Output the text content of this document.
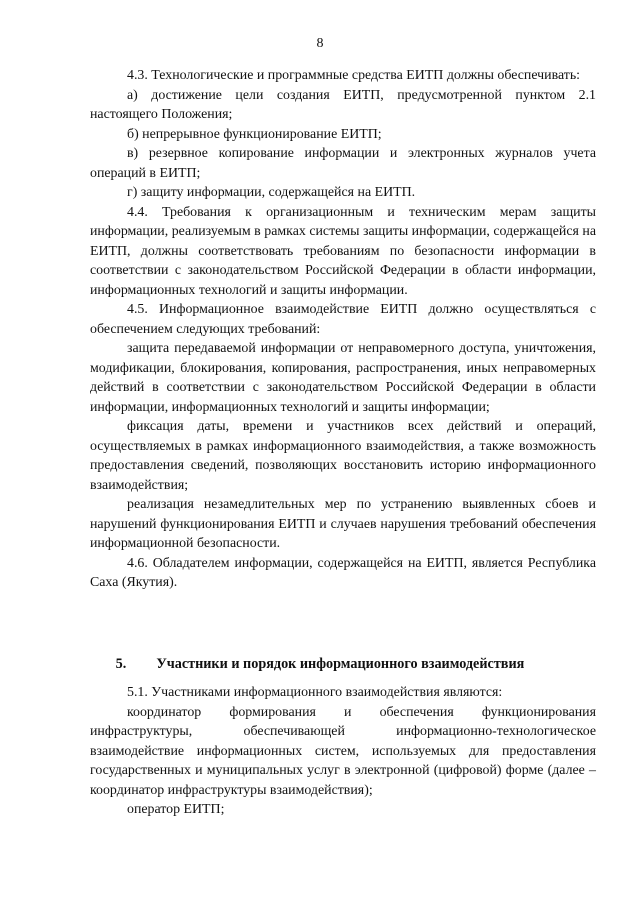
8

4.3. Технологические и программные средства ЕИТП должны обеспечивать:

а) достижение цели создания ЕИТП, предусмотренной пунктом 2.1 настоящего Положения;

б) непрерывное функционирование ЕИТП;

в) резервное копирование информации и электронных журналов учета операций в ЕИТП;

г) защиту информации, содержащейся на ЕИТП.

4.4. Требования к организационным и техническим мерам защиты информации, реализуемым в рамках системы защиты информации, содержащейся на ЕИТП, должны соответствовать требованиям по безопасности информации в соответствии с законодательством Российской Федерации в области информации, информационных технологий и защиты информации.

4.5. Информационное взаимодействие ЕИТП должно осуществляться с обеспечением следующих требований:

защита передаваемой информации от неправомерного доступа, уничтожения, модификации, блокирования, копирования, распространения, иных неправомерных действий в соответствии с законодательством Российской Федерации в области информации, информационных технологий и защиты информации;

фиксация даты, времени и участников всех действий и операций, осуществляемых в рамках информационного взаимодействия, а также возможность предоставления сведений, позволяющих восстановить историю информационного взаимодействия;

реализация незамедлительных мер по устранению выявленных сбоев и нарушений функционирования ЕИТП и случаев нарушения требований обеспечения информационной безопасности.

4.6. Обладателем информации, содержащейся на ЕИТП, является Республика Саха (Якутия).

5. Участники и порядок информационного взаимодействия

5.1. Участниками информационного взаимодействия являются:

координатор формирования и обеспечения функционирования инфраструктуры, обеспечивающей информационно-технологическое взаимодействие информационных систем, используемых для предоставления государственных и муниципальных услуг в электронной (цифровой) форме (далее – координатор инфраструктуры взаимодействия);

оператор ЕИТП;
